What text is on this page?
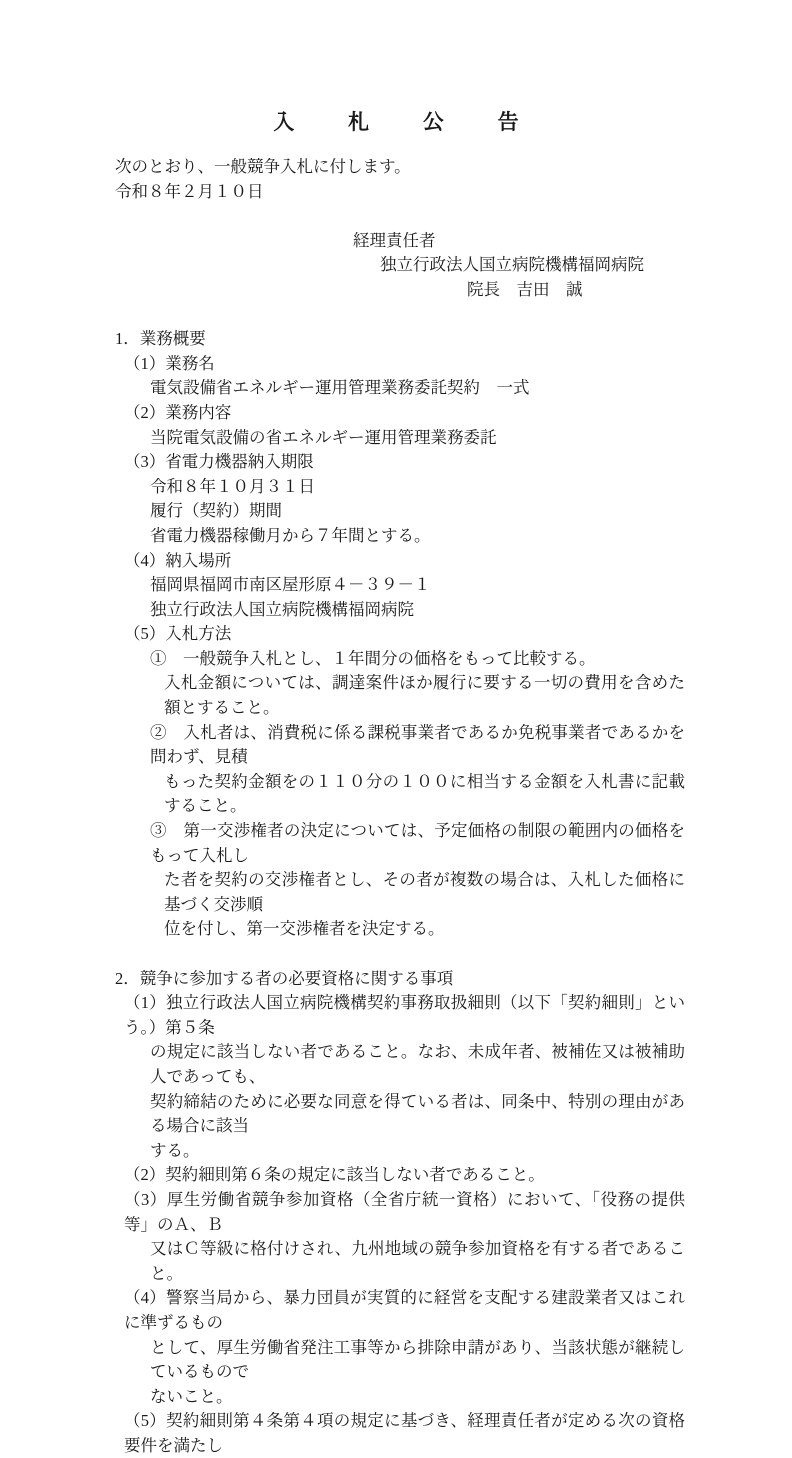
入　札　公　告

次のとおり、一般競争入札に付します。

令和８年２月１０日

経理責任者

独立行政法人国立病院機構福岡病院

院長　吉田　誠

1．業務概要

（1）業務名

電気設備省エネルギー運用管理業務委託契約　一式

（2）業務内容

当院電気設備の省エネルギー運用管理業務委託

（3）省電力機器納入期限

令和８年１０月３１日

履行（契約）期間

省電力機器稼働月から７年間とする。

（4）納入場所

福岡県福岡市南区屋形原４－３９－１

独立行政法人国立病院機構福岡病院

（5）入札方法

①　一般競争入札とし、１年間分の価格をもって比較する。

入札金額については、調達案件ほか履行に要する一切の費用を含めた額とすること。

②　入札者は、消費税に係る課税事業者であるか免税事業者であるかを問わず、見積

もった契約金額をの１１０分の１００に相当する金額を入札書に記載すること。

③　第一交渉権者の決定については、予定価格の制限の範囲内の価格をもって入札し

た者を契約の交渉権者とし、その者が複数の場合は、入札した価格に基づく交渉順

位を付し、第一交渉権者を決定する。

2．競争に参加する者の必要資格に関する事項

（1）独立行政法人国立病院機構契約事務取扱細則（以下「契約細則」という。）第５条

の規定に該当しない者であること。なお、未成年者、被補佐又は被補助人であっても、

契約締結のために必要な同意を得ている者は、同条中、特別の理由がある場合に該当

する。

（2）契約細則第６条の規定に該当しない者であること。

（3）厚生労働省競争参加資格（全省庁統一資格）において、「役務の提供等」のＡ、Ｂ

又はＣ等級に格付けされ、九州地域の競争参加資格を有する者であること。

（4）警察当局から、暴力団員が実質的に経営を支配する建設業者又はこれに準ずるもの

として、厚生労働省発注工事等から排除申請があり、当該状態が継続しているもので

ないこと。

（5）契約細則第４条第４項の規定に基づき、経理責任者が定める次の資格要件を満たし
